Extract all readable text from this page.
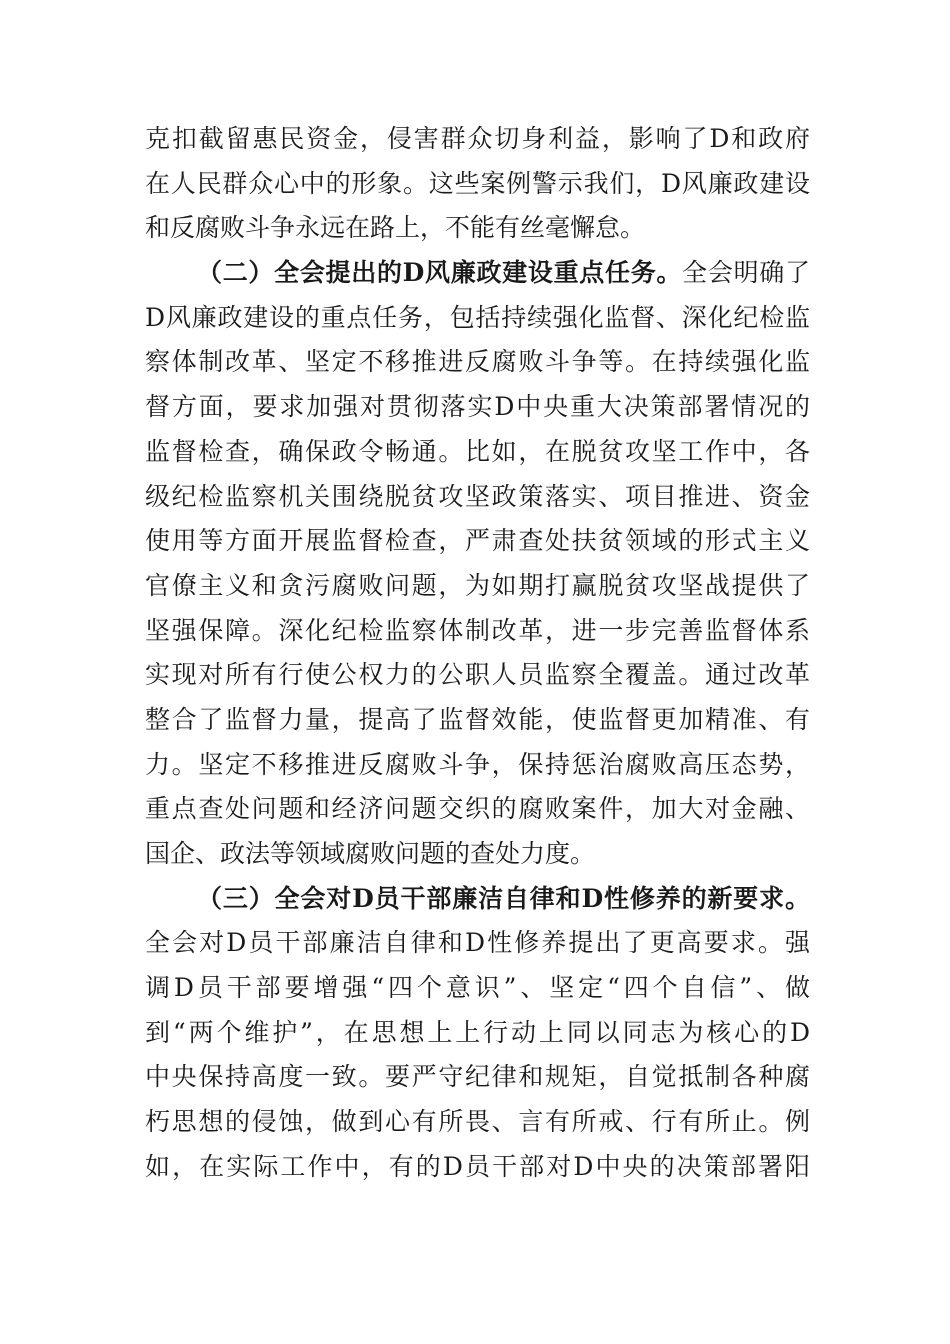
克扣截留惠民资金，侵害群众切身利益，影响了D和政府
在人民群众心中的形象。这些案例警示我们，D风廉政建设
和反腐败斗争永远在路上，不能有丝毫懈怠。
（二）全会提出的D风廉政建设重点任务。全会明确了
D风廉政建设的重点任务，包括持续强化监督、深化纪检监
察体制改革、坚定不移推进反腐败斗争等。在持续强化监
督方面，要求加强对贯彻落实D中央重大决策部署情况的
监督检查，确保政令畅通。比如，在脱贫攻坚工作中，各
级纪检监察机关围绕脱贫攻坚政策落实、项目推进、资金
使用等方面开展监督检查，严肃查处扶贫领域的形式主义
官僚主义和贪污腐败问题，为如期打赢脱贫攻坚战提供了
坚强保障。深化纪检监察体制改革，进一步完善监督体系
实现对所有行使公权力的公职人员监察全覆盖。通过改革
整合了监督力量，提高了监督效能，使监督更加精准、有
力。坚定不移推进反腐败斗争，保持惩治腐败高压态势，
重点查处问题和经济问题交织的腐败案件，加大对金融、
国企、政法等领域腐败问题的查处力度。
（三）全会对D员干部廉洁自律和D性修养的新要求。
全会对D员干部廉洁自律和D性修养提出了更高要求。强
调D员干部要增强“四个意识”、坚定“四个自信”、做
到“两个维护”，在思想上上行动上同以同志为核心的D
中央保持高度一致。要严守纪律和规矩，自觉抵制各种腐
朽思想的侵蚀，做到心有所畏、言有所戒、行有所止。例
如，在实际工作中，有的D员干部对D中央的决策部署阳
